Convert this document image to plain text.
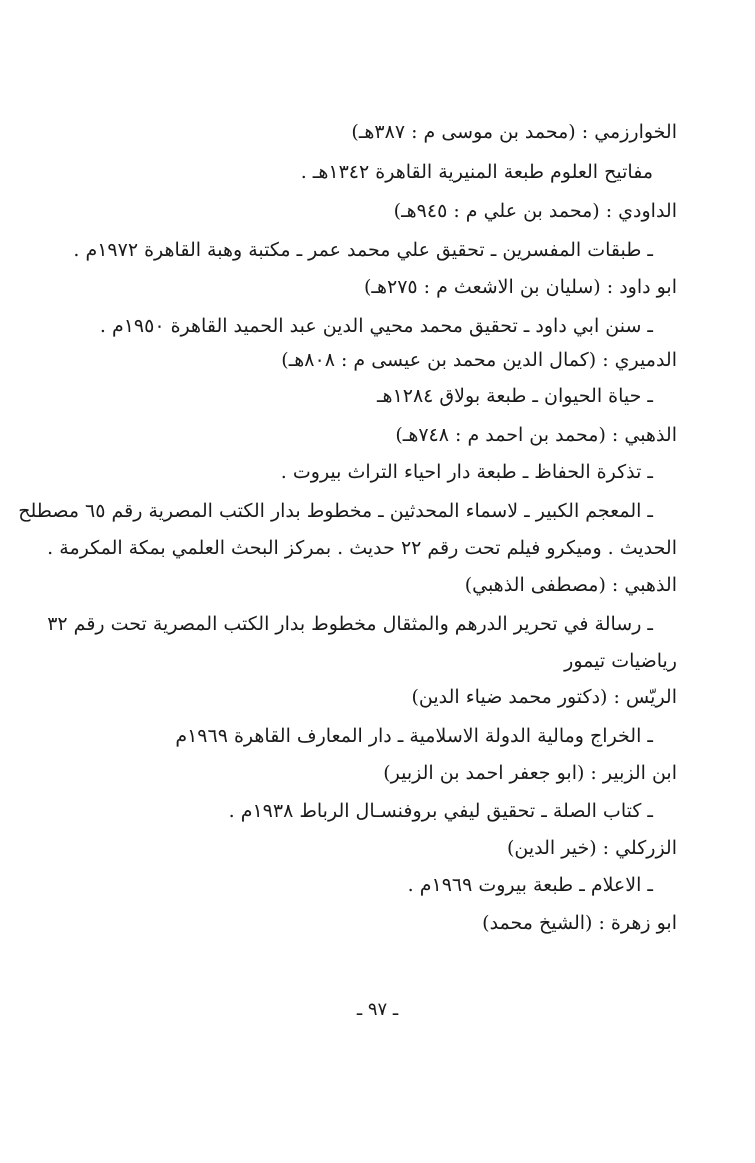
الخوارزمي : (محمد بن موسى م : ٣٨٧هـ)
مفاتيح العلوم طبعة المنيرية القاهرة ١٣٤٢هـ .
الداودي : (محمد بن علي م : ٩٤٥هـ)
ـ طبقات المفسرين ـ تحقيق علي محمد عمر ـ مكتبة وهبة القاهرة ١٩٧٢م .
ابو داود : (سليان بن الاشعث م : ٢٧٥هـ)
ـ سنن ابي داود ـ تحقيق محمد محيي الدين عبد الحميد القاهرة ١٩٥٠م .
الدميري : (كمال الدين محمد بن عيسى م : ٨٠٨هـ)
ـ حياة الحيوان ـ طبعة بولاق ١٢٨٤هـ
الذهبي : (محمد بن احمد م : ٧٤٨هـ)
ـ تذكرة الحفاظ ـ طبعة دار احياء التراث بيروت .
ـ المعجم الكبير ـ لاسماء المحدثين ـ مخطوط بدار الكتب المصرية رقم ٦٥ مصطلح
الحديث . وميكرو فيلم تحت رقم ٢٢ حديث . بمركز البحث العلمي بمكة المكرمة .
الذهبي : (مصطفى الذهبي)
ـ رسالة في تحرير الدرهم والمثقال مخطوط بدار الكتب المصرية تحت رقم ٣٢
رياضيات تيمور
الريّس : (دكتور محمد ضياء الدين)
ـ الخراج ومالية الدولة الاسلامية ـ دار المعارف القاهرة ١٩٦٩م
ابن الزبير : (ابو جعفر احمد بن الزبير)
ـ كتاب الصلة ـ تحقيق ليفي بروفنسـال الرباط ١٩٣٨م .
الزركلي : (خير الدين)
ـ الاعلام ـ طبعة بيروت ١٩٦٩م .
ابو زهرة : (الشيخ محمد)
ـ ٩٧ ـ
